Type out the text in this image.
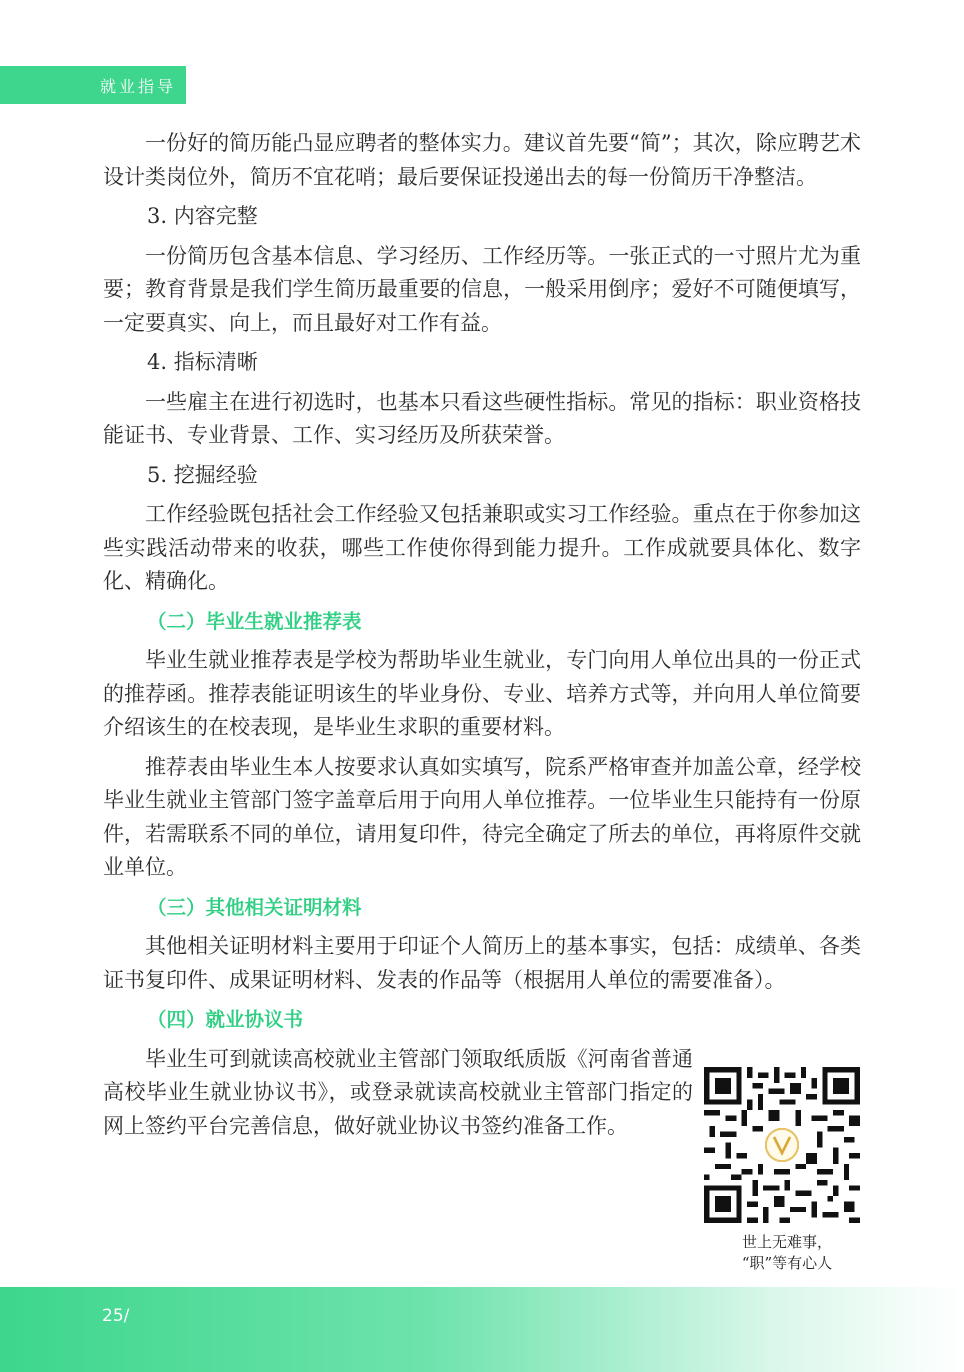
就业指导

一份好的简历能凸显应聘者的整体实力。建议首先要“简”；其次，除应聘艺术设计类岗位外，简历不宜花哨；最后要保证投递出去的每一份简历干净整洁。

3. 内容完整

一份简历包含基本信息、学习经历、工作经历等。一张正式的一寸照片尤为重要；教育背景是我们学生简历最重要的信息，一般采用倒序；爱好不可随便填写，一定要真实、向上，而且最好对工作有益。

4. 指标清晰

一些雇主在进行初选时，也基本只看这些硬性指标。常见的指标：职业资格技能证书、专业背景、工作、实习经历及所获荣誉。

5. 挖掘经验

工作经验既包括社会工作经验又包括兼职或实习工作经验。重点在于你参加这些实践活动带来的收获，哪些工作使你得到能力提升。工作成就要具体化、数字化、精确化。

（二）毕业生就业推荐表

毕业生就业推荐表是学校为帮助毕业生就业，专门向用人单位出具的一份正式的推荐函。推荐表能证明该生的毕业身份、专业、培养方式等，并向用人单位简要介绍该生的在校表现，是毕业生求职的重要材料。

推荐表由毕业生本人按要求认真如实填写，院系严格审查并加盖公章，经学校毕业生就业主管部门签字盖章后用于向用人单位推荐。一位毕业生只能持有一份原件，若需联系不同的单位，请用复印件，待完全确定了所去的单位，再将原件交就业单位。

（三）其他相关证明材料

其他相关证明材料主要用于印证个人简历上的基本事实，包括：成绩单、各类证书复印件、成果证明材料、发表的作品等（根据用人单位的需要准备）。

（四）就业协议书

毕业生可到就读高校就业主管部门领取纸质版《河南省普通高校毕业生就业协议书》，或登录就读高校就业主管部门指定的网上签约平台完善信息，做好就业协议书签约准备工作。

世上无难事，
“职”等有心人
25/
